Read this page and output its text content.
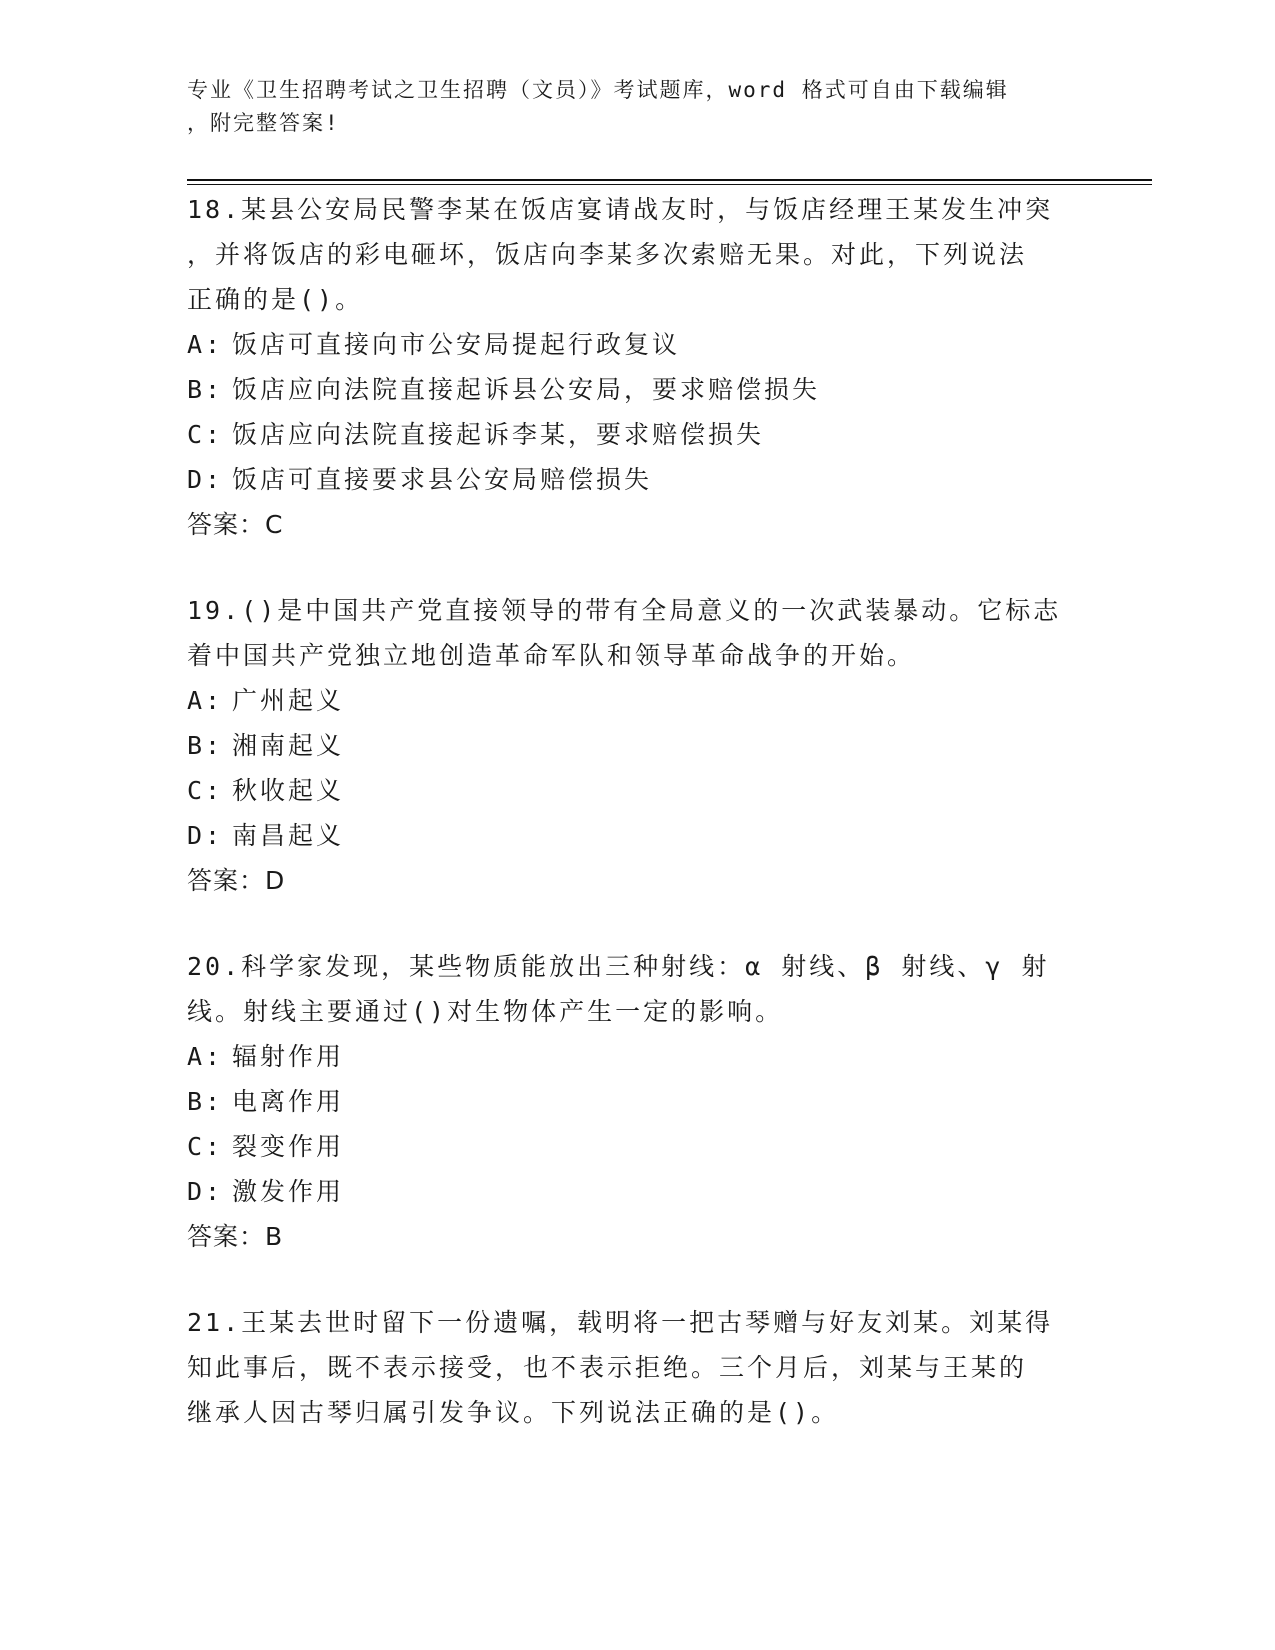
专业《卫生招聘考试之卫生招聘（文员）》考试题库，word 格式可自由下载编辑
，附完整答案!
18.某县公安局民警李某在饭店宴请战友时，与饭店经理王某发生冲突
，并将饭店的彩电砸坏，饭店向李某多次索赔无果。对此，下列说法
正确的是()。
A: 饭店可直接向市公安局提起行政复议
B: 饭店应向法院直接起诉县公安局，要求赔偿损失
C: 饭店应向法院直接起诉李某，要求赔偿损失
D: 饭店可直接要求县公安局赔偿损失
答案：C
19.()是中国共产党直接领导的带有全局意义的一次武装暴动。它标志
着中国共产党独立地创造革命军队和领导革命战争的开始。
A: 广州起义
B: 湘南起义
C: 秋收起义
D: 南昌起义
答案：D
20.科学家发现，某些物质能放出三种射线：α 射线、β 射线、γ 射
线。射线主要通过()对生物体产生一定的影响。
A: 辐射作用
B: 电离作用
C: 裂变作用
D: 激发作用
答案：B
21.王某去世时留下一份遗嘱，载明将一把古琴赠与好友刘某。刘某得
知此事后，既不表示接受，也不表示拒绝。三个月后，刘某与王某的
继承人因古琴归属引发争议。下列说法正确的是()。
